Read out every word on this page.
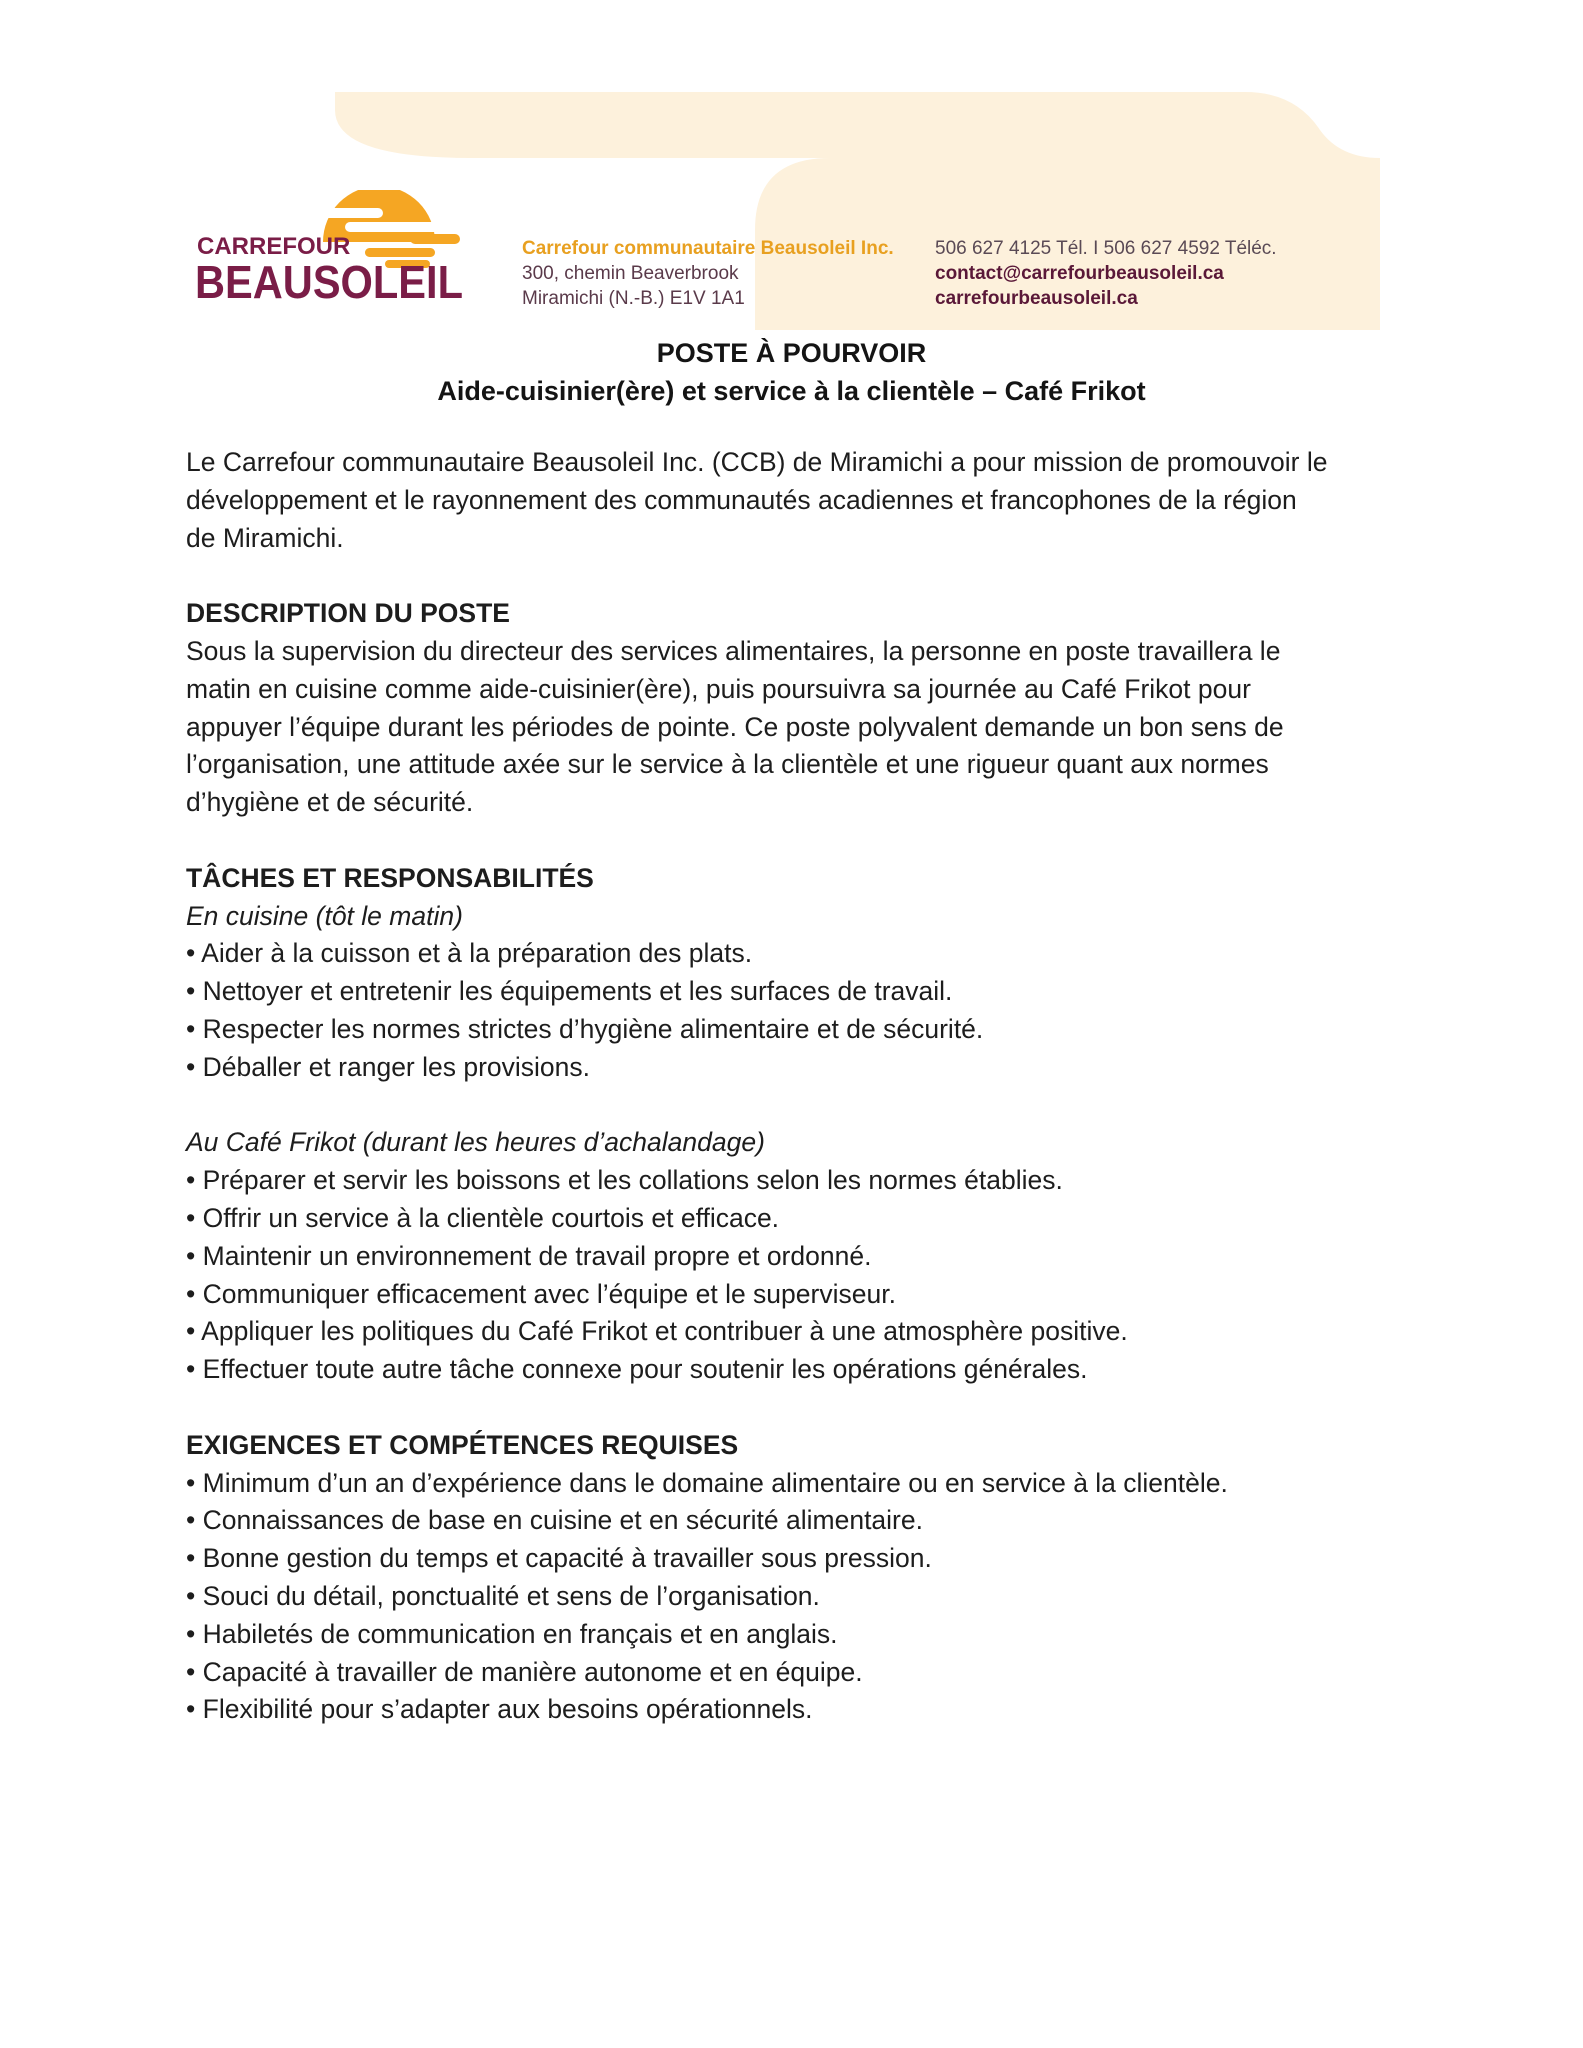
CARREFOUR
BEAUSOLEIL
Carrefour communautaire Beausoleil Inc.
300, chemin Beaverbrook
Miramichi (N.-B.) E1V 1A1
506 627 4125 Tél. I 506 627 4592 Téléc.
contact@carrefourbeausoleil.ca
carrefourbeausoleil.ca
POSTE À POURVOIR
Aide-cuisinier(ère) et service à la clientèle – Café Frikot

Le Carrefour communautaire Beausoleil Inc. (CCB) de Miramichi a pour mission de promouvoir le

développement et le rayonnement des communautés acadiennes et francophones de la région

de Miramichi.

DESCRIPTION DU POSTE

Sous la supervision du directeur des services alimentaires, la personne en poste travaillera le

matin en cuisine comme aide-cuisinier(ère), puis poursuivra sa journée au Café Frikot pour

appuyer l’équipe durant les périodes de pointe. Ce poste polyvalent demande un bon sens de

l’organisation, une attitude axée sur le service à la clientèle et une rigueur quant aux normes

d’hygiène et de sécurité.

TÂCHES ET RESPONSABILITÉS

En cuisine (tôt le matin)

• Aider à la cuisson et à la préparation des plats.
• Nettoyer et entretenir les équipements et les surfaces de travail.
• Respecter les normes strictes d’hygiène alimentaire et de sécurité.
• Déballer et ranger les provisions.

Au Café Frikot (durant les heures d’achalandage)

• Préparer et servir les boissons et les collations selon les normes établies.
• Offrir un service à la clientèle courtois et efficace.
• Maintenir un environnement de travail propre et ordonné.
• Communiquer efficacement avec l’équipe et le superviseur.
• Appliquer les politiques du Café Frikot et contribuer à une atmosphère positive.
• Effectuer toute autre tâche connexe pour soutenir les opérations générales.

EXIGENCES ET COMPÉTENCES REQUISES

• Minimum d’un an d’expérience dans le domaine alimentaire ou en service à la clientèle.
• Connaissances de base en cuisine et en sécurité alimentaire.
• Bonne gestion du temps et capacité à travailler sous pression.
• Souci du détail, ponctualité et sens de l’organisation.
• Habiletés de communication en français et en anglais.
• Capacité à travailler de manière autonome et en équipe.
• Flexibilité pour s’adapter aux besoins opérationnels.
